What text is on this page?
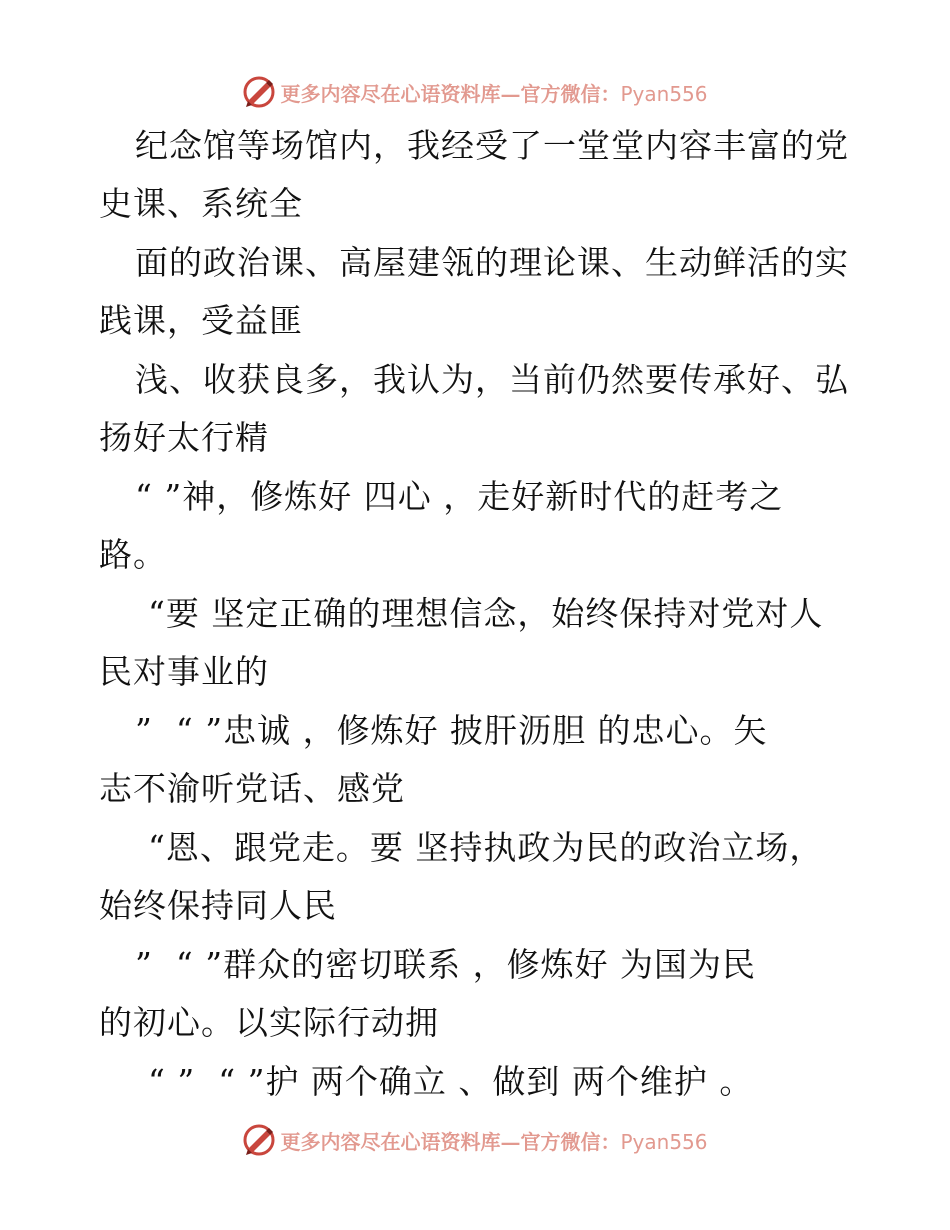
更多内容尽在心语资料库—官方微信：Pyan556
纪念馆等场馆内，我经受了一堂堂内容丰富的党
史课、系统全
面的政治课、高屋建瓴的理论课、生动鲜活的实
践课，受益匪
浅、收获良多，我认为，当前仍然要传承好、弘
扬好太行精
“ ”神，修炼好 四心 ，走好新时代的赶考之
路。
“要 坚定正确的理想信念，始终保持对党对人
民对事业的
”  “ ”忠诚 ，修炼好 披肝沥胆 的忠心。矢
志不渝听党话、感党
“恩、跟党走。要 坚持执政为民的政治立场，
始终保持同人民
”  “ ”群众的密切联系 ，修炼好 为国为民
的初心。以实际行动拥
“ ”  “ ”护 两个确立 、做到 两个维护 。
更多内容尽在心语资料库—官方微信：Pyan556
